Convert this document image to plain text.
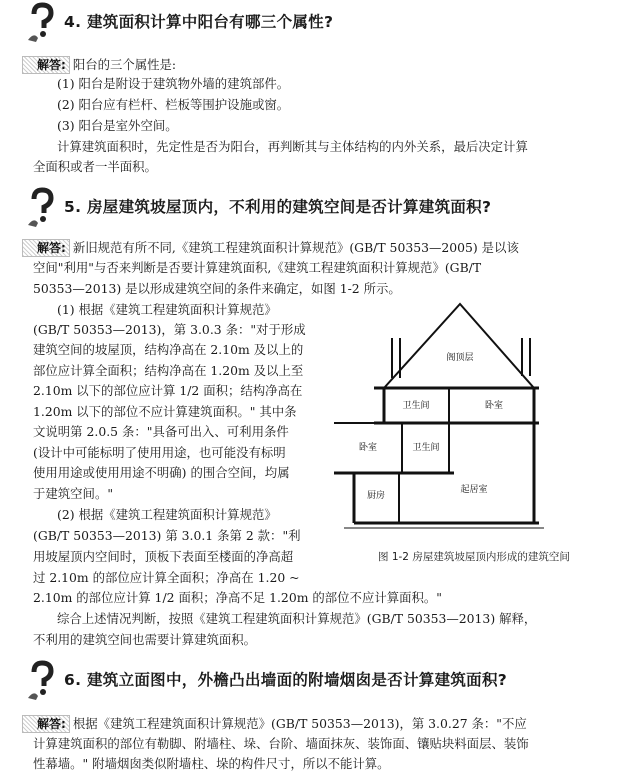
4. 建筑面积计算中阳台有哪三个属性?
解答: 阳台的三个属性是:
(1) 阳台是附设于建筑物外墙的建筑部件。
(2) 阳台应有栏杆、栏板等围护设施或窗。
(3) 阳台是室外空间。
计算建筑面积时，先定性是否为阳台，再判断其与主体结构的内外关系，最后决定计算
全面积或者一半面积。
5. 房屋建筑坡屋顶内，不利用的建筑空间是否计算建筑面积?
解答: 新旧规范有所不同,《建筑工程建筑面积计算规范》(GB/T 50353—2005) 是以该
空间"利用"与否来判断是否要计算建筑面积,《建筑工程建筑面积计算规范》(GB/T
50353—2013) 是以形成建筑空间的条件来确定，如图 1-2 所示。
(1) 根据《建筑工程建筑面积计算规范》
(GB/T 50353—2013)，第 3.0.3 条："对于形成
建筑空间的坡屋顶，结构净高在 2.10m 及以上的
部位应计算全面积；结构净高在 1.20m 及以上至
2.10m 以下的部位应计算 1/2 面积；结构净高在
1.20m 以下的部位不应计算建筑面积。" 其中条
文说明第 2.0.5 条："具备可出入、可利用条件
(设计中可能标明了使用用途，也可能没有标明
使用用途或使用用途不明确) 的围合空间，均属
于建筑空间。"
(2) 根据《建筑工程建筑面积计算规范》
(GB/T 50353—2013) 第 3.0.1 条第 2 款："利
用坡屋顶内空间时，顶板下表面至楼面的净高超
过 2.10m 的部位应计算全面积；净高在 1.20 ~
2.10m 的部位应计算 1/2 面积；净高不足 1.20m 的部位不应计算面积。"
综合上述情况判断，按照《建筑工程建筑面积计算规范》(GB/T 50353—2013) 解释，
不利用的建筑空间也需要计算建筑面积。
阁顶层
卫生间	卧室
卧室	卫生间
厨房
起居室
图 1-2 房屋建筑坡屋顶内形成的建筑空间
6. 建筑立面图中，外檐凸出墙面的附墙烟囱是否计算建筑面积?
解答: 根据《建筑工程建筑面积计算规范》(GB/T 50353—2013)，第 3.0.27 条："不应
计算建筑面积的部位有勒脚、附墙柱、垛、台阶、墙面抹灰、装饰面、镶贴块料面层、装饰
性幕墙。" 附墙烟囱类似附墙柱、垛的构件尺寸，所以不能计算。
